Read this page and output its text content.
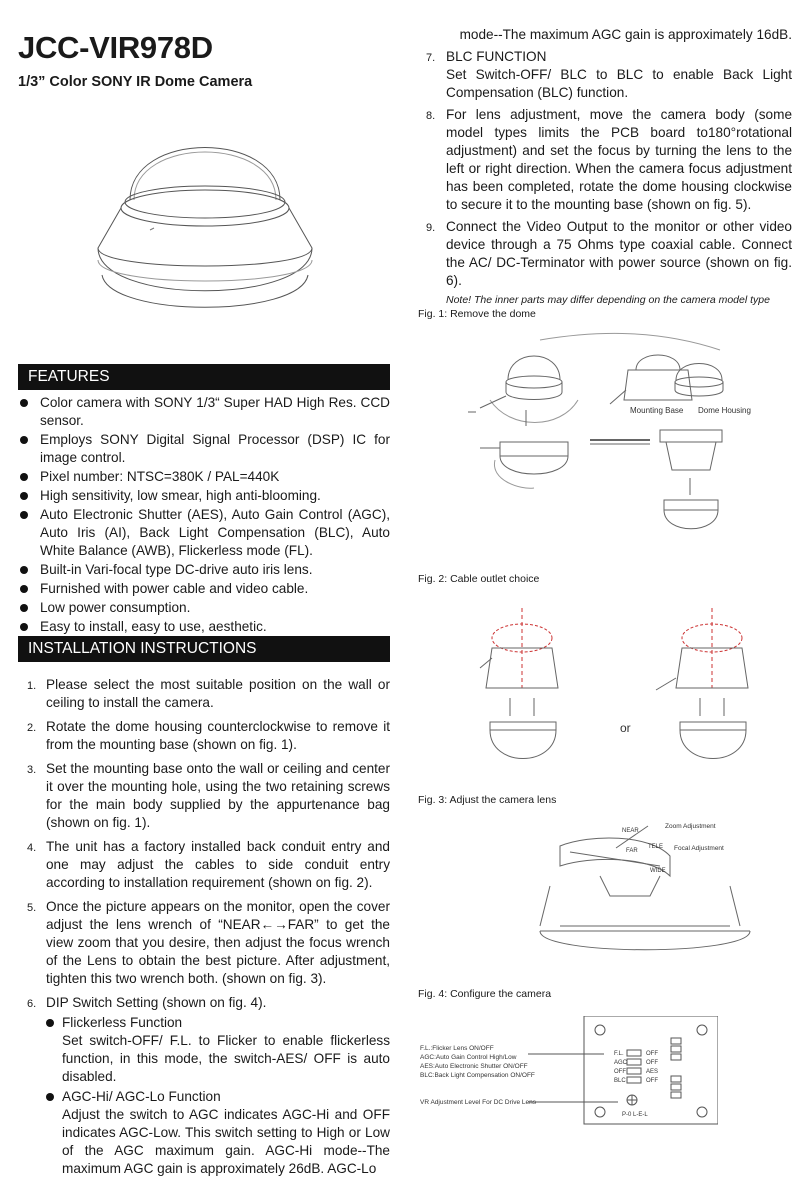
JCC-VIR978D
1/3” Color SONY IR Dome Camera
FEATURES
Color camera with SONY 1/3“ Super HAD High Res. CCD sensor.
Employs SONY Digital Signal Processor (DSP) IC for image control.
Pixel number: NTSC=380K / PAL=440K
High sensitivity, low smear, high anti-blooming.
Auto Electronic Shutter (AES), Auto Gain Control (AGC), Auto Iris (AI), Back Light Compensation (BLC), Auto White Balance (AWB), Flickerless mode (FL).
Built-in Vari-focal type DC-drive auto iris lens.
Furnished with power cable and video cable.
Low power consumption.
Easy to install, easy to use, aesthetic.
INSTALLATION INSTRUCTIONS
1. Please select the most suitable position on the wall or ceiling to install the camera.
2. Rotate the dome housing counterclockwise to remove it from the mounting base (shown on fig. 1).
3. Set the mounting base onto the wall or ceiling and center it over the mounting hole, using the two retaining screws for the main body supplied by the appurtenance bag (shown on fig. 1).
4. The unit has a factory installed back conduit entry and one may adjust the cables to side conduit entry according to installation requirement (shown on fig. 2).
5. Once the picture appears on the monitor, open the cover adjust the lens wrench of “NEAR←→FAR” to get the view zoom that you desire, then adjust the focus wrench of the Lens to obtain the best picture. After adjustment, tighten this two wrench both. (shown on fig. 3).
6. DIP Switch Setting (shown on fig. 4).
Flickerless Function
Set switch-OFF/ F.L. to Flicker to enable flickerless function, in this mode, the switch-AES/ OFF is auto disabled.
AGC-Hi/ AGC-Lo Function
Adjust the switch to AGC indicates AGC-Hi and OFF indicates AGC-Low. This switch setting to High or Low of the AGC maximum gain. AGC-Hi mode--The maximum AGC gain is approximately 26dB. AGC-Lo
mode--The maximum AGC gain is approximately 16dB.
7. BLC FUNCTION
Set Switch-OFF/ BLC to BLC to enable Back Light Compensation (BLC) function.
8. For lens adjustment, move the camera body (some model types limits the PCB board to180°rotational adjustment) and set the focus by turning the lens to the left or right direction. When the camera focus adjustment has been completed, rotate the dome housing clockwise to secure it to the mounting base (shown on fig. 5).
9. Connect the Video Output to the monitor or other video device through a 75 Ohms type coaxial cable. Connect the AC/ DC-Terminator with power source (shown on fig. 6).
Note! The inner parts may differ depending on the camera model type
Fig. 1: Remove the dome
Mounting Base Dome Housing
Fig. 2: Cable outlet choice
or
Fig. 3: Adjust the camera lens
NEAR
FAR
TELE
WIDE
Zoom Adjustment
Focal Adjustment
Fig. 4: Configure the camera
F.L.
AGC
OFF
BLC
OFF
OFF
AES
OFF
P-0 L-E-L
F.L.:Flicker Lens ON/OFF
AGC:Auto Gain Control High/Low
AES:Auto Electronic Shutter ON/OFF
BLC:Back Light Compensation ON/OFF
VR Adjustment Level For DC Drive Lens
